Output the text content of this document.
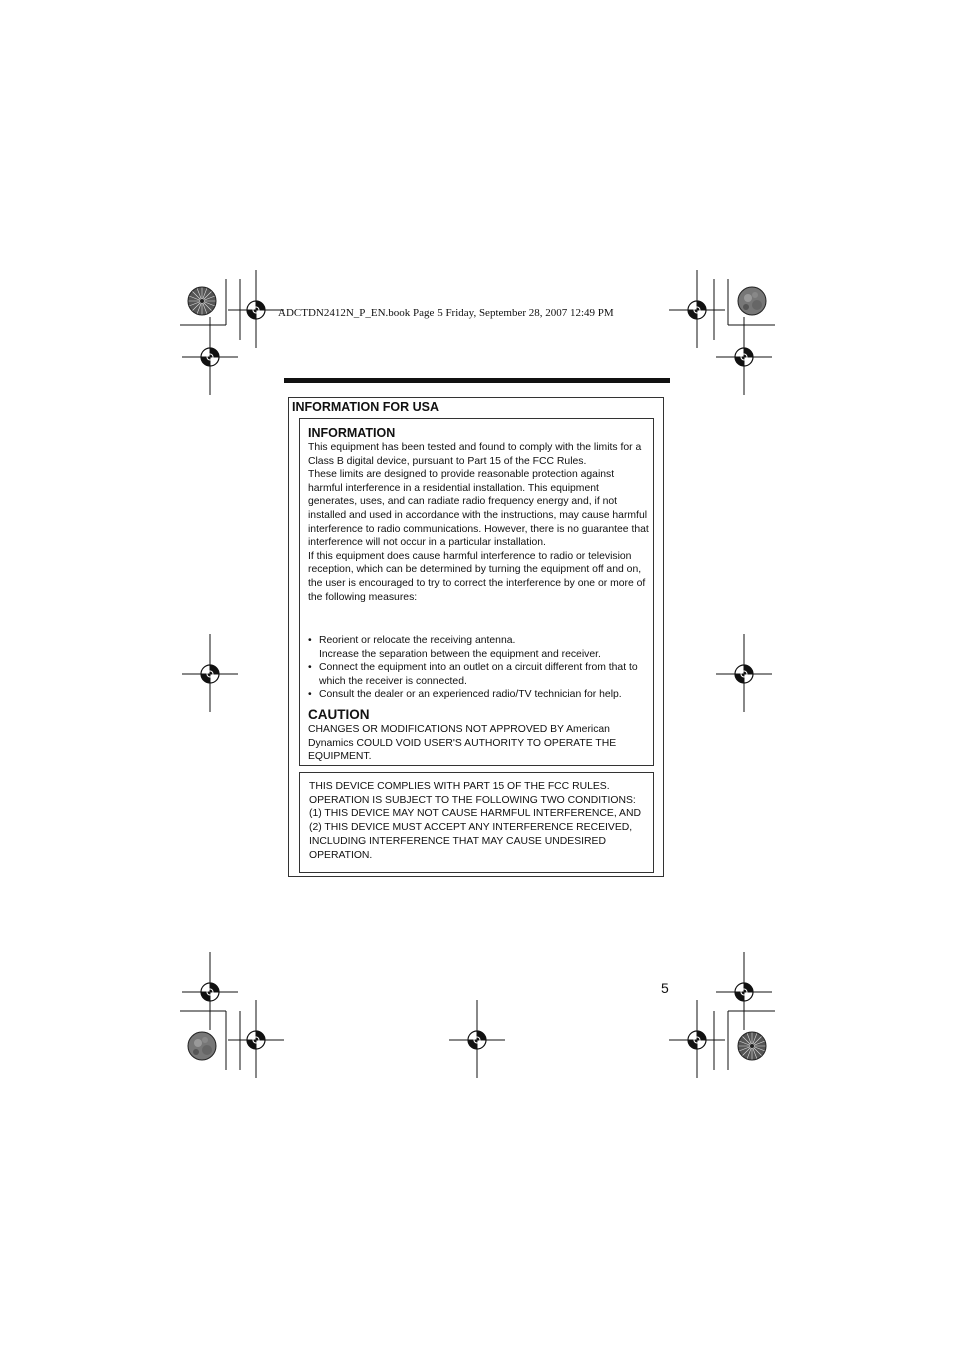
ADCTDN2412N_P_EN.book Page 5 Friday, September 28, 2007 12:49 PM
INFORMATION FOR USA
INFORMATION
This equipment has been tested and found to comply with the limits for a Class B digital device, pursuant to Part 15 of the FCC Rules.
These limits are designed to provide reasonable protection against harmful interference in a residential installation. This equipment generates, uses, and can radiate radio frequency energy and, if not installed and used in accordance with the instructions, may cause harmful interference to radio communications. However, there is no guarantee that interference will not occur in a particular installation.
If this equipment does cause harmful interference to radio or television reception, which can be determined by turning the equipment off and on, the user is encouraged to try to correct the interference by one or more of the following measures:
• Reorient or relocate the receiving antenna.
Increase the separation between the equipment and receiver.
• Connect the equipment into an outlet on a circuit different from that to which the receiver is connected.
• Consult the dealer or an experienced radio/TV technician for help.
CAUTION
CHANGES OR MODIFICATIONS NOT APPROVED BY American Dynamics COULD VOID USER'S AUTHORITY TO OPERATE THE EQUIPMENT.
THIS DEVICE COMPLIES WITH PART 15 OF THE FCC RULES. OPERATION IS SUBJECT TO THE FOLLOWING TWO CONDITIONS: (1) THIS DEVICE MAY NOT CAUSE HARMFUL INTERFERENCE, AND (2) THIS DEVICE MUST ACCEPT ANY INTERFERENCE RECEIVED, INCLUDING INTERFERENCE THAT MAY CAUSE UNDESIRED OPERATION.
5
